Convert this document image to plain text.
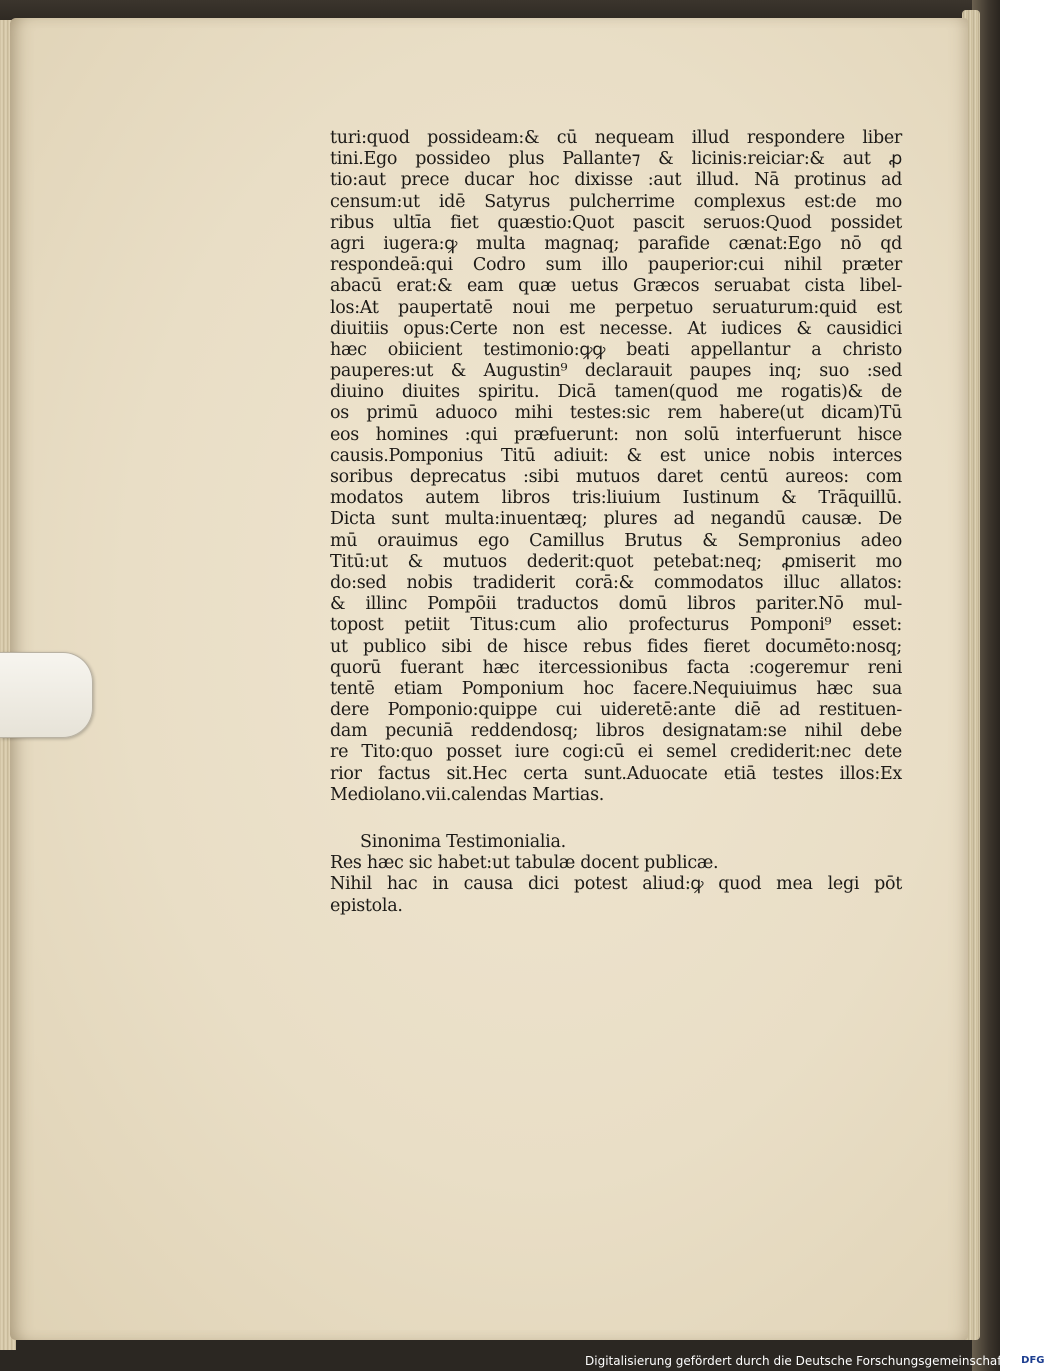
turi:quod possideam:& cū nequeam illud respondere liber
tini.Ego possideo plus Pallante⁊ & licinis:reiciar:& aut ꝓ
tio:aut prece ducar hoc dixisse :aut illud. Nā protinus ad
censum:ut idē Satyrus pulcherrime complexus est:de mo
ribus ultīa fiet quæstio:Quot pascit seruos:Quod possidet
agri iugera:ꝙ multa magnaq; parafide cænat:Ego nō qd
respondeā:qui Codro sum illo pauperior:cui nihil præter
abacū erat:& eam quæ uetus Græcos seruabat cista libel‑
los:At paupertatē noui me perpetuo seruaturum:quid est
diuitiis opus:Certe non est necesse. At iudices & causidici
hæc obiicient testimonio:ꝙꝙ beati appellantur a christo
pauperes:ut & Augustin⁹ declarauit paupes inq; suo :sed
diuino diuites spiritu. Dicā tamen(quod me rogatis)& de
os primū aduoco mihi testes:sic rem habere(ut dicam)Tū
eos homines :qui præfuerunt: non solū interfuerunt hisce
causis.Pomponius Titū adiuit: & est unice nobis interces
soribus deprecatus :sibi mutuos daret centū aureos: com
modatos autem libros tris:liuium Iustinum & Trāquillū.
Dicta sunt multa:inuentæq; plures ad negandū causæ. De
mū orauimus ego Camillus Brutus & Sempronius adeo
Titū:ut & mutuos dederit:quot petebat:neq; ꝓmiserit mo
do:sed nobis tradiderit corā:& commodatos illuc allatos:
& illinc Pompōii traductos domū libros pariter.Nō mul‑
topost petiit Titus:cum alio profecturus Pomponi⁹ esset:
ut publico sibi de hisce rebus fides fieret documēto:nosq;
quorū fuerant hæc itercessionibus facta :cogeremur reni
tentē etiam Pomponium hoc facere.Nequiuimus hæc sua
dere Pomponio:quippe cui uideretē:ante diē ad restituen‑
dam pecuniā reddendosq; libros designatam:se nihil debe
re Tito:quo posset iure cogi:cū ei semel crediderit:nec dete
rior factus sit.Hec certa sunt.Aduocate etiā testes illos:Ex
Mediolano.vii.calendas Martias.
Sinonima Testimonialia.
Res hæc sic habet:ut tabulæ docent publicæ.
Nihil hac in causa dici potest aliud:ꝙ quod mea legi pōt
epistola.
Digitalisierung gefördert durch die Deutsche Forschungsgemeinschaft - DFG
